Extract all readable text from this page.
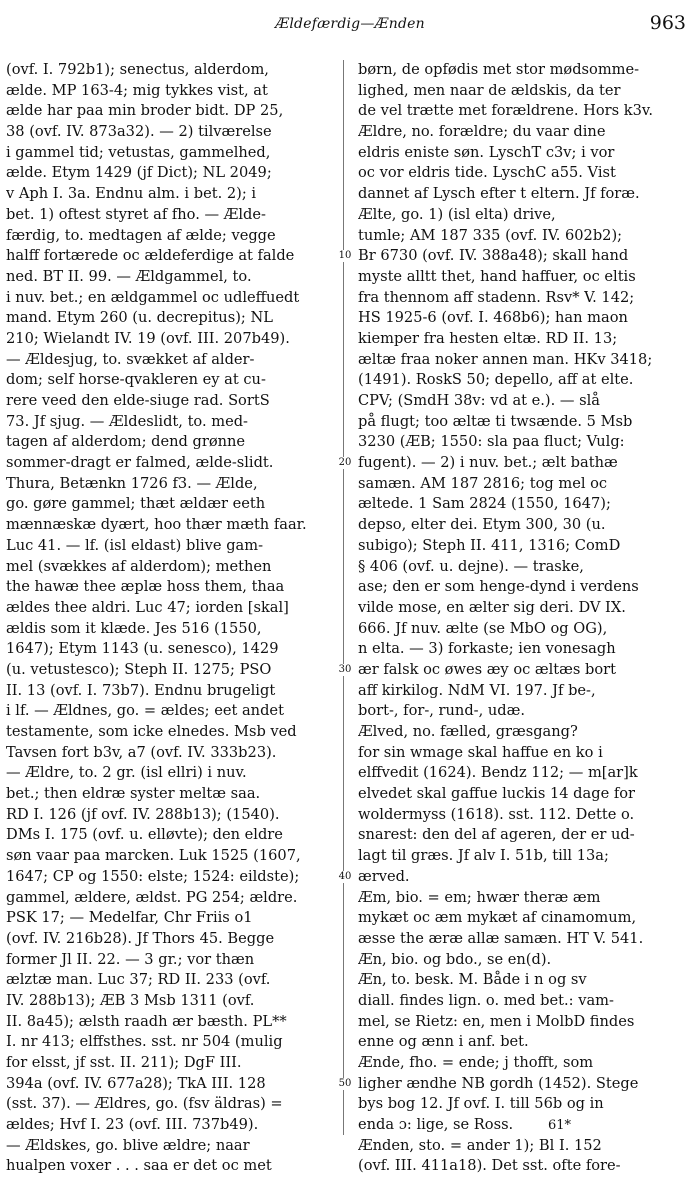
Ældefærdig—Ænden	963
(ovf. I. 792b1); senectus, alderdom,
ælde. MP 163-4; mig tykkes vist, at
ælde har paa min broder bidt. DP 25,
38 (ovf. IV. 873a32). — 2) tilværelse
i gammel tid; vetustas, gammelhed,
ælde. Etym 1429 (jf Dict); NL 2049;
v Aph I. 3a. Endnu alm. i bet. 2); i
bet. 1) oftest styret af fho. — Ælde-
færdig, to. medtagen af ælde; vegge
halff fortærede oc ældeferdige at falde
ned. BT II. 99. — Ældgammel, to.
i nuv. bet.; en ældgammel oc udleffuedt
mand. Etym 260 (u. decrepitus); NL
210; Wielandt IV. 19 (ovf. III. 207b49).
— Ældesjug, to. svækket af alder-
dom; self horse-qvakleren ey at cu-
rere veed den elde-siuge rad. SortS
73. Jf sjug. — Ældeslidt, to. med-
tagen af alderdom; dend grønne
sommer-dragt er falmed, ælde-slidt.
Thura, Betænkn 1726 f3. — Ælde,
go. gøre gammel; thæt ældær eeth
mænnæskæ dyært, hoo thær mæth faar.
Luc 41. — lf. (isl eldast) blive gam-
mel (svækkes af alderdom); methen
the hawæ thee æplæ hoss them, thaa
ældes thee aldri. Luc 47; iorden [skal]
ældis som it klæde. Jes 516 (1550,
1647); Etym 1143 (u. senesco), 1429
(u. vetustesco); Steph II. 1275; PSO
II. 13 (ovf. I. 73b7). Endnu brugeligt
i lf. — Ældnes, go. = ældes; eet andet
testamente, som icke elnedes. Msb ved
Tavsen fort b3v, a7 (ovf. IV. 333b23).
— Ældre, to. 2 gr. (isl ellri) i nuv.
bet.; then eldræ syster meltæ saa.
RD I. 126 (jf ovf. IV. 288b13); (1540).
DMs I. 175 (ovf. u. elløvte); den eldre
søn vaar paa marcken. Luk 1525 (1607,
1647; CP og 1550: elste; 1524: eildste);
gammel, ældere, ældst. PG 254; ældre.
PSK 17; — Medelfar, Chr Friis o1
(ovf. IV. 216b28). Jf Thors 45. Begge
former Jl II. 22. — 3 gr.; vor thæn
ælztæ man. Luc 37; RD II. 233 (ovf.
IV. 288b13); ÆB 3 Msb 1311 (ovf.
II. 8a45); ælsth raadh ær bæsth. PL**
I. nr 413; elffsthes. sst. nr 504 (mulig
for elsst, jf sst. II. 211); DgF III.
394a (ovf. IV. 677a28); TkA III. 128
(sst. 37). — Ældres, go. (fsv äldras) =
ældes; Hvf I. 23 (ovf. III. 737b49).
— Ældskes, go. blive ældre; naar
hualpen voxer . . . saa er det oc met
10
20
30
40
50
børn, de opfødis met stor mødsomme-
lighed, men naar de ældskis, da ter
de vel trætte met forældrene. Hors k3v.
Ældre, no. forældre; du vaar dine
eldris eniste søn. LyschT c3v; i vor
oc vor eldris tide. LyschC a55. Vist
dannet af Lysch efter t eltern. Jf foræ.
Ælte, go. 1) (isl elta) drive,
tumle; AM 187 335 (ovf. IV. 602b2);
Br 6730 (ovf. IV. 388a48); skall hand
myste alltt thet, hand haffuer, oc eltis
fra thennom aff stadenn. Rsv* V. 142;
HS 1925-6 (ovf. I. 468b6); han maon
kiemper fra hesten eltæ. RD II. 13;
æltæ fraa noker annen man. HKv 3418;
(1491). RoskS 50; depello, aff at elte.
CPV; (SmdH 38v: vd at e.). — slå
på flugt; too æltæ ti twsænde. 5 Msb
3230 (ÆB; 1550: sla paa fluct; Vulg:
fugent). — 2) i nuv. bet.; ælt bathæ
samæn. AM 187 2816; tog mel oc
æltede. 1 Sam 2824 (1550, 1647);
depso, elter dei. Etym 300, 30 (u.
subigo); Steph II. 411, 1316; ComD
§ 406 (ovf. u. dejne). — traske,
ase; den er som henge-dynd i verdens
vilde mose, en ælter sig deri. DV IX.
666. Jf nuv. ælte (se MbO og OG),
n elta. — 3) forkaste; ien vonesagh
ær falsk oc øwes æy oc æltæs bort
aff kirkilog. NdM VI. 197. Jf be-,
bort-, for-, rund-, udæ.
Ælved, no. fælled, græsgang?
for sin wmage skal haffue en ko i
elffvedit (1624). Bendz 112; — m[ar]k
elvedet skal gaffue luckis 14 dage for
woldermyss (1618). sst. 112. Dette o.
snarest: den del af ageren, der er ud-
lagt til græs. Jf alv I. 51b, till 13a;
ærved.
Æm, bio. = em; hwær theræ æm
mykæt oc æm mykæt af cinamomum,
æsse the æræ allæ samæn. HT V. 541.
Æn, bio. og bdo., se en(d).
Æn, to. besk. M. Både i n og sv
diall. findes lign. o. med bet.: vam-
mel, se Rietz: en, men i MolbD findes
enne og ænn i anf. bet.
Ænde, fho. = ende; j thofft, som
ligher ændhe NB gordh (1452). Stege
bys bog 12. Jf ovf. I. till 56b og in
enda ɔ: lige, se Ross.
Ænden, sto. = ander 1); Bl I. 152
(ovf. III. 411a18). Det sst. ofte fore-
61*
